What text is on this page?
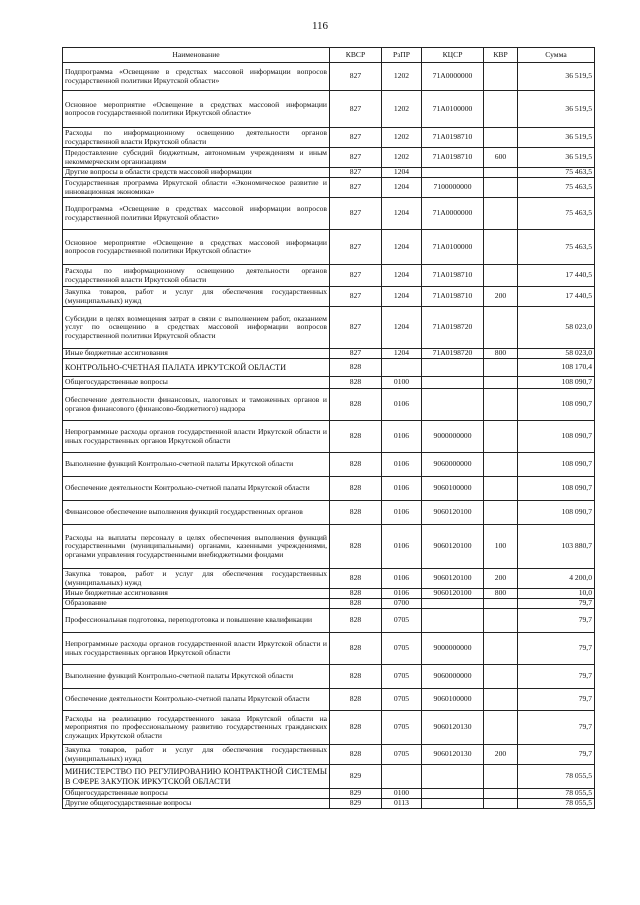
116
Наименование	КВСР	РзПР	КЦСР	КВР	Сумма
Подпрограмма «Освещение в средствах массовой информации вопросов государственной политики Иркутской области»	827	1202	71А0000000		36 519,5
Основное мероприятие «Освещение в средствах массовой информации вопросов государственной политики Иркутской области»	827	1202	71А0100000		36 519,5
Расходы по информационному освещению деятельности органов государственной власти Иркутской области	827	1202	71А0198710		36 519,5
Предоставление субсидий бюджетным, автономным учреждениям и иным некоммерческим организациям	827	1202	71А0198710	600	36 519,5
Другие вопросы в области средств массовой информации	827	1204			75 463,5
Государственная программа Иркутской области «Экономическое развитие и инновационная экономика»	827	1204	7100000000		75 463,5
Подпрограмма «Освещение в средствах массовой информации вопросов государственной политики Иркутской области»	827	1204	71А0000000		75 463,5
Основное мероприятие «Освещение в средствах массовой информации вопросов государственной политики Иркутской области»	827	1204	71А0100000		75 463,5
Расходы по информационному освещению деятельности органов государственной власти Иркутской области	827	1204	71А0198710		17 440,5
Закупка товаров, работ и услуг для обеспечения государственных (муниципальных) нужд	827	1204	71А0198710	200	17 440,5
Субсидии в целях возмещения затрат в связи с выполнением работ, оказанием услуг по освещению в средствах массовой информации вопросов государственной политики Иркутской области	827	1204	71А0198720		58 023,0
Иные бюджетные ассигнования	827	1204	71А0198720	800	58 023,0
КОНТРОЛЬНО-СЧЕТНАЯ ПАЛАТА ИРКУТСКОЙ ОБЛАСТИ	828				108 170,4
Общегосударственные вопросы	828	0100			108 090,7
Обеспечение деятельности финансовых, налоговых и таможенных органов и органов финансового (финансово-бюджетного) надзора	828	0106			108 090,7
Непрограммные расходы органов государственной власти Иркутской области и иных государственных органов Иркутской области	828	0106	9000000000		108 090,7
Выполнение функций Контрольно-счетной палаты Иркутской области	828	0106	9060000000		108 090,7
Обеспечение деятельности Контрольно-счетной палаты Иркутской области	828	0106	9060100000		108 090,7
Финансовое обеспечение выполнения функций государственных органов	828	0106	9060120100		108 090,7
Расходы на выплаты персоналу в целях обеспечения выполнения функций государственными (муниципальными) органами, казенными учреждениями, органами управления государственными внебюджетными фондами	828	0106	9060120100	100	103 880,7
Закупка товаров, работ и услуг для обеспечения государственных (муниципальных) нужд	828	0106	9060120100	200	4 200,0
Иные бюджетные ассигнования	828	0106	9060120100	800	10,0
Образование	828	0700			79,7
Профессиональная подготовка, переподготовка и повышение квалификации	828	0705			79,7
Непрограммные расходы органов государственной власти Иркутской области и иных государственных органов Иркутской области	828	0705	9000000000		79,7
Выполнение функций Контрольно-счетной палаты Иркутской области	828	0705	9060000000		79,7
Обеспечение деятельности Контрольно-счетной палаты Иркутской области	828	0705	9060100000		79,7
Расходы на реализацию государственного заказа Иркутской области на мероприятия по профессиональному развитию государственных гражданских служащих Иркутской области	828	0705	9060120130		79,7
Закупка товаров, работ и услуг для обеспечения государственных (муниципальных) нужд	828	0705	9060120130	200	79,7
МИНИСТЕРСТВО ПО РЕГУЛИРОВАНИЮ КОНТРАКТНОЙ СИСТЕМЫ В СФЕРЕ ЗАКУПОК ИРКУТСКОЙ ОБЛАСТИ	829				78 055,5
Общегосударственные вопросы	829	0100			78 055,5
Другие общегосударственные вопросы	829	0113			78 055,5
